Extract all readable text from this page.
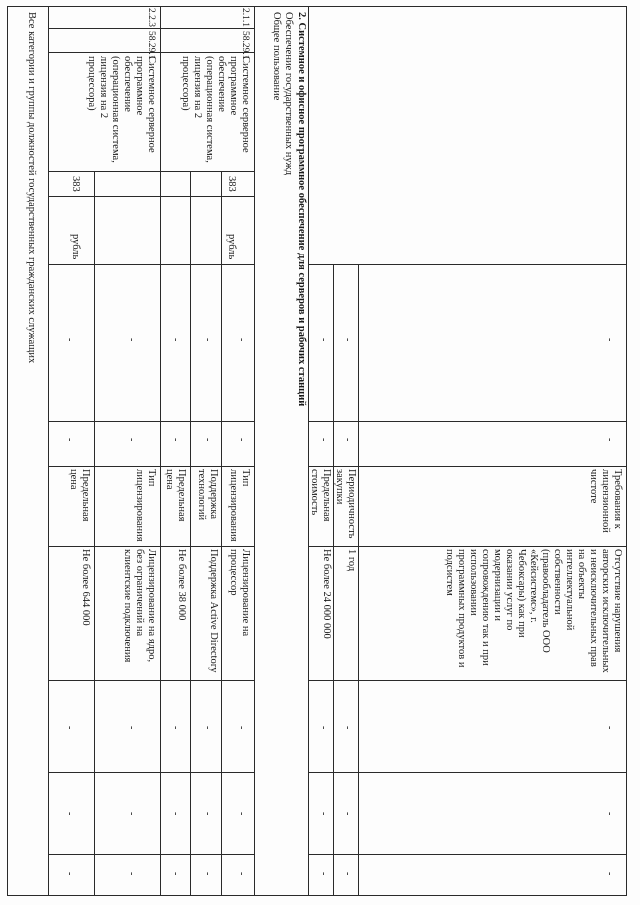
Требования к лицензионной чистоте
Отсутствие нарушения авторских исключительных и неисключительных прав на объекты интеллектуальной собственности (правообладатель ООО «Кейсистемс», г. Чебоксары) как при оказании услуг по модернизации и сопровождению так и при использовании программных продуктов и подсистем
Периодичность закупки
1 год
Предельная стоимость
Не более 24 000 000
-
-
-
-
-
-
-
-
-
-
-
-
-
-
-
2. Системное и офисное программное обеспечение для серверов и рабочих станций
Обеспечение государственных нужд
Общее пользование
2.1.1
58.29.1
Системное серверное программное обеспечение (операционная система, лицензия на 2 процессора)
383
рубль
Тип лицензирования
Лицензирование на процессор
Поддержка технологий
Поддержка Active Directory
Предельная цена
Не более 38 000
-
-
-
-
-
-
-
-
-
-
-
-
-
-
-
2.2.3
58.29.1
Системное серверное программное обеспечение (операционная система, лицензия на 2 процессора)
383
рубль
Тип лицензирования
Лицензирование на ядро, без ограничений на клиентские подключения
Предельная цена
Не более 644 000
-
-
-
-
-
-
-
-
-
-
Все категории и группы должностей государственных гражданских служащих
